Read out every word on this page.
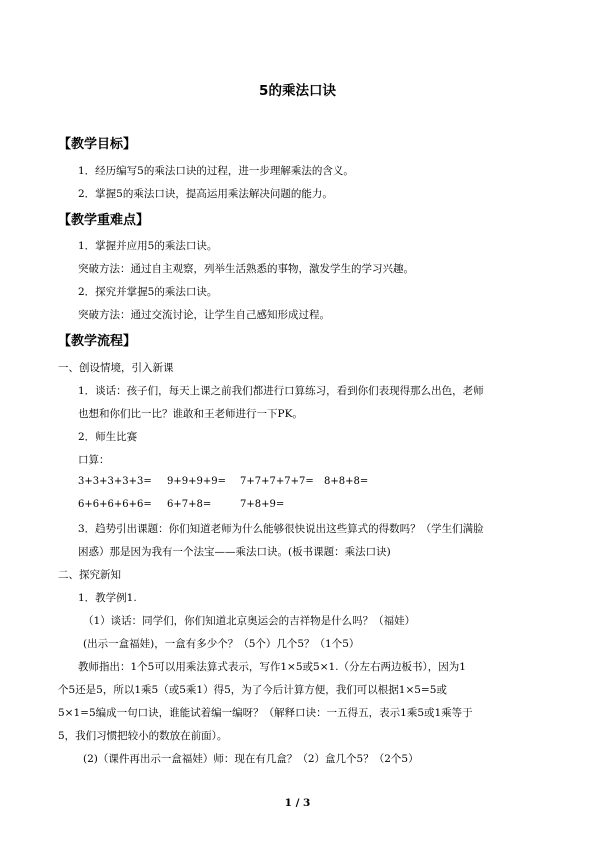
5的乘法口诀
【教学目标】
1．经历编写5的乘法口诀的过程，进一步理解乘法的含义。
2．掌握5的乘法口诀，提高运用乘法解决问题的能力。
【教学重难点】
1．掌握并应用5的乘法口诀。
突破方法：通过自主观察，列举生活熟悉的事物，激发学生的学习兴趣。
2．探究并掌握5的乘法口诀。
突破方法：通过交流讨论，让学生自己感知形成过程。
【教学流程】
一、创设情境，引入新课
1．谈话：孩子们，每天上课之前我们都进行口算练习，看到你们表现得那么出色，老师
也想和你们比一比？谁敢和王老师进行一下PK。
2．师生比赛
口算：
3+3+3+3+3= 9+9+9+9= 7+7+7+7+7= 8+8+8=
6+6+6+6+6= 6+7+8=	7+8+9=
3．趋势引出课题：你们知道老师为什么能够很快说出这些算式的得数吗？（学生们满脸
困惑）那是因为我有一个法宝——乘法口诀。(板书课题：乘法口诀)
二、探究新知
1．教学例1.
（1）谈话：同学们，你们知道北京奥运会的吉祥物是什么吗？（福娃）
(出示一盒福娃)，一盒有多少个？（5个）几个5？（1个5）
教师指出：1个5可以用乘法算式表示，写作1×5或5×1.（分左右两边板书），因为1
个5还是5，所以1乘5（或5乘1）得5，为了今后计算方便，我们可以根据1×5=5或
5×1=5编成一句口诀，谁能试着编一编呀？（解释口诀：一五得五，表示1乘5或1乘等于
5，我们习惯把较小的数放在前面）。
(2)（课件再出示一盒福娃）师：现在有几盒？（2）盒几个5？（2个5）
1 / 3
